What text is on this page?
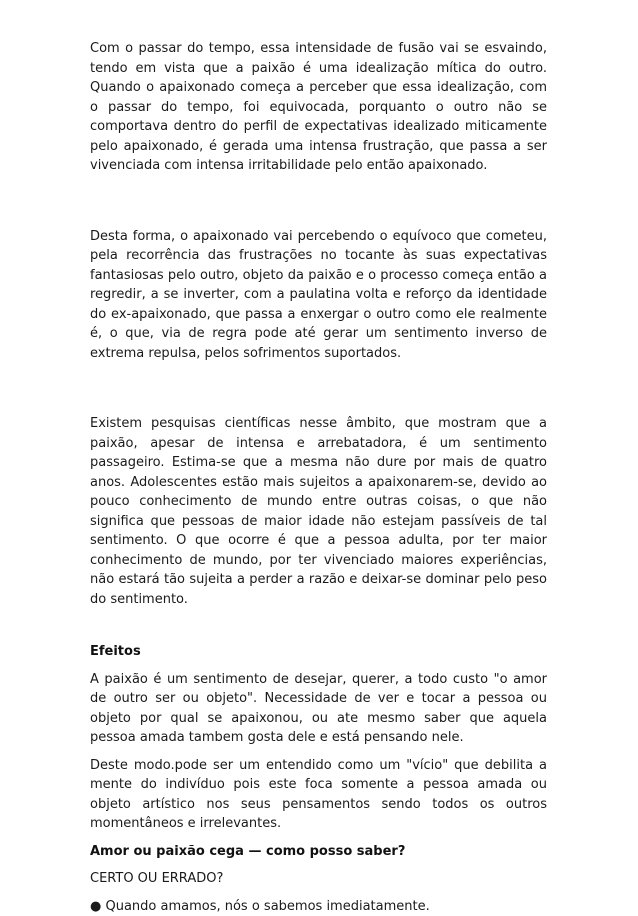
Com o passar do tempo, essa intensidade de fusão vai se esvaindo, tendo em vista que a paixão é uma idealização mítica do outro. Quando o apaixonado começa a perceber que essa idealização, com o passar do tempo, foi equivocada, porquanto o outro não se comportava dentro do perfil de expectativas idealizado miticamente pelo apaixonado, é gerada uma intensa frustração, que passa a ser vivenciada com intensa irritabilidade pelo então apaixonado.

Desta forma, o apaixonado vai percebendo o equívoco que cometeu, pela recorrência das frustrações no tocante às suas expectativas fantasiosas pelo outro, objeto da paixão e o processo começa então a regredir, a se inverter, com a paulatina volta e reforço da identidade do ex-apaixonado, que passa a enxergar o outro como ele realmente é, o que, via de regra pode até gerar um sentimento inverso de extrema repulsa, pelos sofrimentos suportados.

Existem pesquisas científicas nesse âmbito, que mostram que a paixão, apesar de intensa e arrebatadora, é um sentimento passageiro. Estima-se que a mesma não dure por mais de quatro anos. Adolescentes estão mais sujeitos a apaixonarem-se, devido ao pouco conhecimento de mundo entre outras coisas, o que não significa que pessoas de maior idade não estejam passíveis de tal sentimento. O que ocorre é que a pessoa adulta, por ter maior conhecimento de mundo, por ter vivenciado maiores experiências, não estará tão sujeita a perder a razão e deixar-se dominar pelo peso do sentimento.

Efeitos

A paixão é um sentimento de desejar, querer, a todo custo "o amor de outro ser ou objeto". Necessidade de ver e tocar a pessoa ou objeto por qual se apaixonou, ou ate mesmo saber que aquela pessoa amada tambem gosta dele e está pensando nele.

Deste modo.pode ser um entendido como um "vício" que debilita a mente do indivíduo pois este foca somente a pessoa amada ou objeto artístico nos seus pensamentos sendo todos os outros momentâneos e irrelevantes.

Amor ou paixão cega — como posso saber?

CERTO OU ERRADO?

● Quando amamos, nós o sabemos imediatamente.
